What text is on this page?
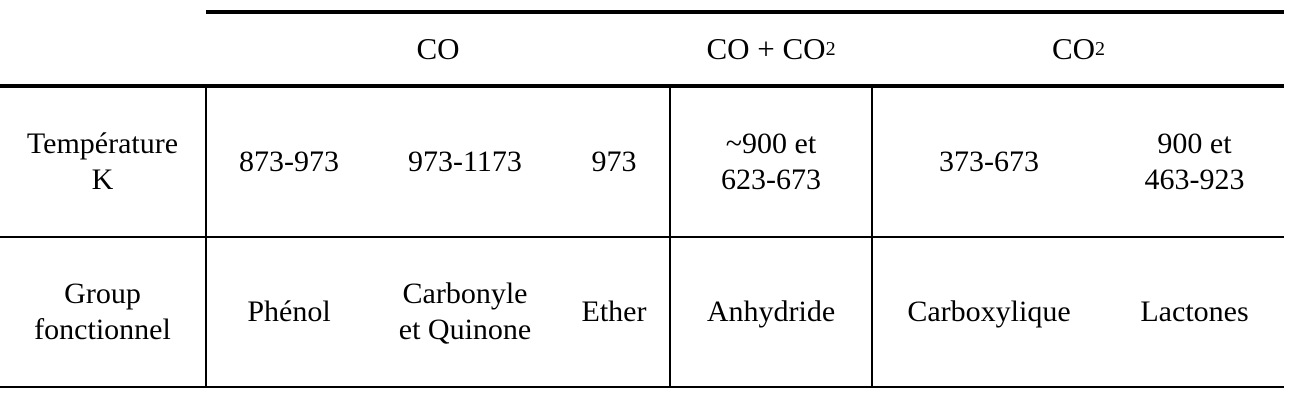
CO	CO + CO 2	CO 2
Température
K
873-973 973-1173 973
~900 et
623-673
373-673
900 et
463-923
Group
fonctionnel
Phénol
Carbonyle
et Quinone
Ether Anhydride Carboxylique Lactones
